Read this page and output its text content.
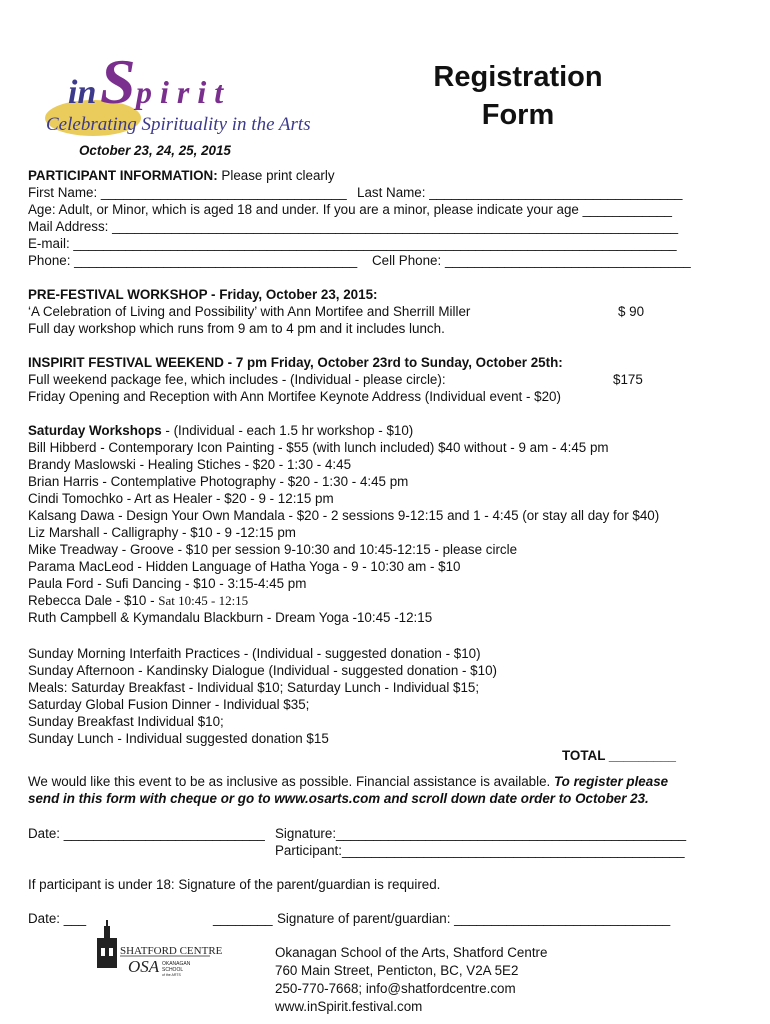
in S pirit
Celebrating Spirituality in the Arts
Registration
Form
October 23, 24, 25, 2015
PARTICIPANT INFORMATION: Please print clearly
First Name: _________________________________ Last Name: __________________________________
Age: Adult, or Minor, which is aged 18 and under. If you are a minor, please indicate your age ____________
Mail Address: ____________________________________________________________________________
E-mail: _________________________________________________________________________________
Phone: ______________________________________ Cell Phone: _________________________________
PRE-FESTIVAL WORKSHOP - Friday, October 23, 2015:
‘A Celebration of Living and Possibility’ with Ann Mortifee and Sherrill Miller	$ 90
Full day workshop which runs from 9 am to 4 pm and it includes lunch.
INSPIRIT FESTIVAL WEEKEND - 7 pm Friday, October 23rd to Sunday, October 25th:
Full weekend package fee, which includes - (Individual - please circle):	$175
Friday Opening and Reception with Ann Mortifee Keynote Address (Individual event - $20)
Saturday Workshops - (Individual - each 1.5 hr workshop - $10)
Bill Hibberd - Contemporary Icon Painting - $55 (with lunch included) $40 without - 9 am - 4:45 pm
Brandy Maslowski - Healing Stiches - $20 - 1:30 - 4:45
Brian Harris - Contemplative Photography - $20 - 1:30 - 4:45 pm
Cindi Tomochko - Art as Healer - $20 - 9 - 12:15 pm
Kalsang Dawa - Design Your Own Mandala - $20 - 2 sessions 9-12:15 and 1 - 4:45 (or stay all day for $40)
Liz Marshall - Calligraphy - $10 - 9 -12:15 pm
Mike Treadway - Groove - $10 per session 9-10:30 and 10:45-12:15 - please circle
Parama MacLeod - Hidden Language of Hatha Yoga - 9 - 10:30 am - $10
Paula Ford - Sufi Dancing - $10 - 3:15-4:45 pm
Rebecca Dale - $10 - Sat 10:45 - 12:15
Ruth Campbell & Kymandalu Blackburn - Dream Yoga -10:45 -12:15
Sunday Morning Interfaith Practices - (Individual - suggested donation - $10)
Sunday Afternoon - Kandinsky Dialogue (Individual - suggested donation - $10)
Meals: Saturday Breakfast - Individual $10; Saturday Lunch - Individual $15;
Saturday Global Fusion Dinner - Individual $35;
Sunday Breakfast Individual $10;
Sunday Lunch - Individual suggested donation $15
TOTAL _________
We would like this event to be as inclusive as possible. Financial assistance is available. To register please
send in this form with cheque or go to www.osarts.com and scroll down date order to October 23.
Date: ___________________________ Signature:_______________________________________________
Participant:______________________________________________
If participant is under 18: Signature of the parent/guardian is required.
Date: ___	________ Signature of parent/guardian: _____________________________
SHATFORD CENTRE
OSA OKANAGAN
SCHOOL
of the ARTS
Okanagan School of the Arts, Shatford Centre
760 Main Street, Penticton, BC, V2A 5E2
250-770-7668; info@shatfordcentre.com
www.inSpirit.festival.com
